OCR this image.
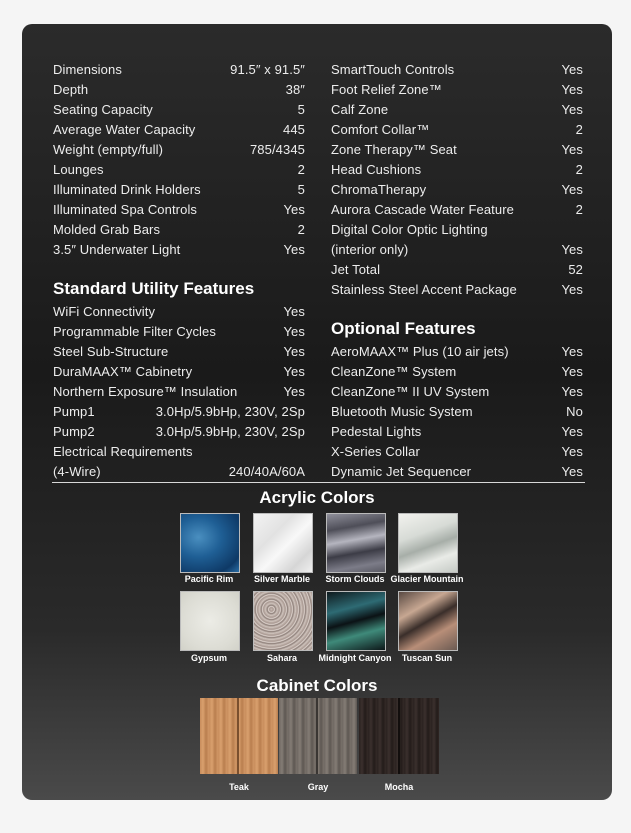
Dimensions	91.5″ x 91.5″
Depth	38″
Seating Capacity	5
Average Water Capacity	445
Weight (empty/full)	785/4345
Lounges	2
Illuminated Drink Holders	5
Illuminated Spa Controls	Yes
Molded Grab Bars	2
3.5″ Underwater Light	Yes
Standard Utility Features
WiFi Connectivity	Yes
Programmable Filter Cycles	Yes
Steel Sub-Structure	Yes
DuraMAAX™ Cabinetry	Yes
Northern Exposure™ Insulation	Yes
Pump1	3.0Hp/5.9bHp, 230V, 2Sp
Pump2	3.0Hp/5.9bHp, 230V, 2Sp
Electrical Requirements
(4-Wire)	240/40A/60A
SmartTouch Controls	Yes
Foot Relief Zone™	Yes
Calf Zone	Yes
Comfort Collar™	2
Zone Therapy™ Seat	Yes
Head Cushions	2
ChromaTherapy	Yes
Aurora Cascade Water Feature	2
Digital Color Optic Lighting
(interior only)	Yes
Jet Total	52
Stainless Steel Accent Package	Yes
Optional Features
AeroMAAX™ Plus (10 air jets)	Yes
CleanZone™ System	Yes
CleanZone™ II UV System	Yes
Bluetooth Music System	No
Pedestal Lights	Yes
X-Series Collar	Yes
Dynamic Jet Sequencer	Yes
Acrylic Colors
Pacific Rim	Silver Marble	Storm Clouds Glacier Mountain
Gypsum	Sahara	Midnight Canyon	Tuscan Sun
Cabinet Colors
Teak	Gray	Mocha
